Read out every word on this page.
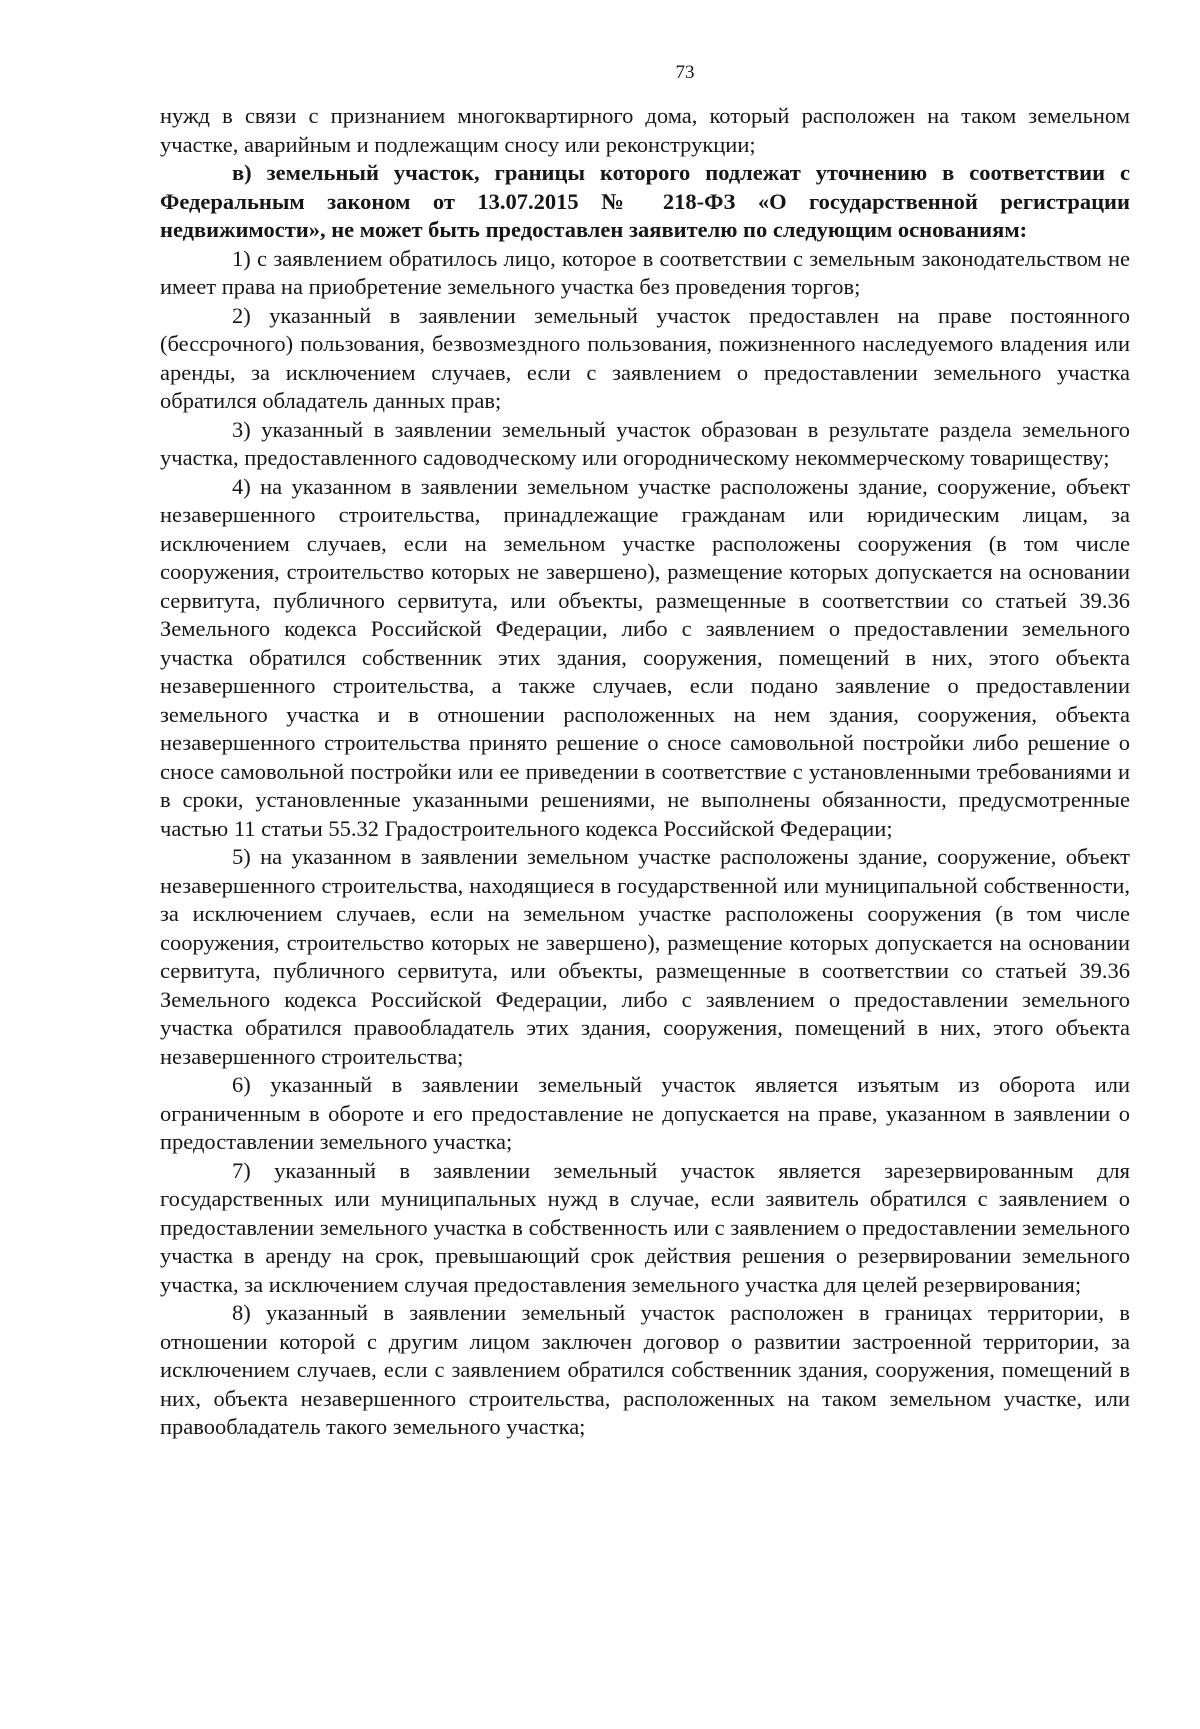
73

нужд в связи с признанием многоквартирного дома, который расположен на таком земельном участке, аварийным и подлежащим сносу или реконструкции;

в) земельный участок, границы которого подлежат уточнению в соответствии с Федеральным законом от 13.07.2015 № 218-ФЗ «О государственной регистрации недвижимости», не может быть предоставлен заявителю по следующим основаниям:

1) с заявлением обратилось лицо, которое в соответствии с земельным законодательством не имеет права на приобретение земельного участка без проведения торгов;

2) указанный в заявлении земельный участок предоставлен на праве постоянного (бессрочного) пользования, безвозмездного пользования, пожизненного наследуемого владения или аренды, за исключением случаев, если с заявлением о предоставлении земельного участка обратился обладатель данных прав;

3) указанный в заявлении земельный участок образован в результате раздела земельного участка, предоставленного садоводческому или огородническому некоммерческому товариществу;

4) на указанном в заявлении земельном участке расположены здание, сооружение, объект незавершенного строительства, принадлежащие гражданам или юридическим лицам, за исключением случаев, если на земельном участке расположены сооружения (в том числе сооружения, строительство которых не завершено), размещение которых допускается на основании сервитута, публичного сервитута, или объекты, размещенные в соответствии со статьей 39.36 Земельного кодекса Российской Федерации, либо с заявлением о предоставлении земельного участка обратился собственник этих здания, сооружения, помещений в них, этого объекта незавершенного строительства, а также случаев, если подано заявление о предоставлении земельного участка и в отношении расположенных на нем здания, сооружения, объекта незавершенного строительства принято решение о сносе самовольной постройки либо решение о сносе самовольной постройки или ее приведении в соответствие с установленными требованиями и в сроки, установленные указанными решениями, не выполнены обязанности, предусмотренные частью 11 статьи 55.32 Градостроительного кодекса Российской Федерации;

5) на указанном в заявлении земельном участке расположены здание, сооружение, объект незавершенного строительства, находящиеся в государственной или муниципальной собственности, за исключением случаев, если на земельном участке расположены сооружения (в том числе сооружения, строительство которых не завершено), размещение которых допускается на основании сервитута, публичного сервитута, или объекты, размещенные в соответствии со статьей 39.36 Земельного кодекса Российской Федерации, либо с заявлением о предоставлении земельного участка обратился правообладатель этих здания, сооружения, помещений в них, этого объекта незавершенного строительства;

6) указанный в заявлении земельный участок является изъятым из оборота или ограниченным в обороте и его предоставление не допускается на праве, указанном в заявлении о предоставлении земельного участка;

7) указанный в заявлении земельный участок является зарезервированным для государственных или муниципальных нужд в случае, если заявитель обратился с заявлением о предоставлении земельного участка в собственность или с заявлением о предоставлении земельного участка в аренду на срок, превышающий срок действия решения о резервировании земельного участка, за исключением случая предоставления земельного участка для целей резервирования;

8) указанный в заявлении земельный участок расположен в границах территории, в отношении которой с другим лицом заключен договор о развитии застроенной территории, за исключением случаев, если с заявлением обратился собственник здания, сооружения, помещений в них, объекта незавершенного строительства, расположенных на таком земельном участке, или правообладатель такого земельного участка;
